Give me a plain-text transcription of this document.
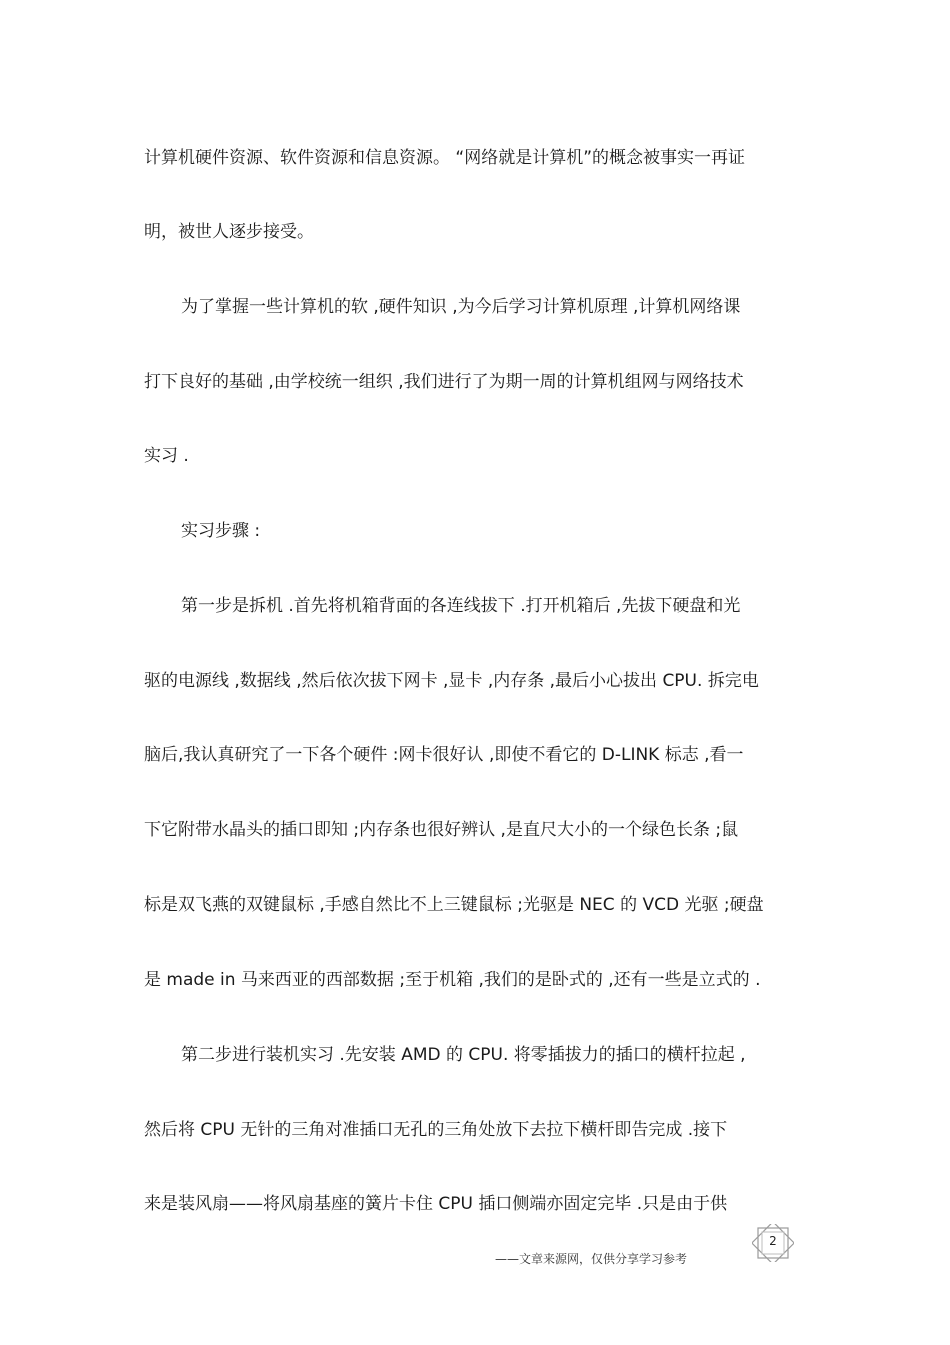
计算机硬件资源、软件资源和信息资源。 “网络就是计算机”的概念被事实一再证
明，被世人逐步接受。
为了掌握一些计算机的软 ,硬件知识 ,为今后学习计算机原理 ,计算机网络课
打下良好的基础 ,由学校统一组织 ,我们进行了为期一周的计算机组网与网络技术
实习 .
实习步骤 :
第一步是拆机 .首先将机箱背面的各连线拔下 .打开机箱后 ,先拔下硬盘和光
驱的电源线 ,数据线 ,然后依次拔下网卡 ,显卡 ,内存条 ,最后小心拔出 CPU. 拆完电
脑后,我认真研究了一下各个硬件 :网卡很好认 ,即使不看它的 D-LINK 标志 ,看一
下它附带水晶头的插口即知 ;内存条也很好辨认 ,是直尺大小的一个绿色长条 ;鼠
标是双飞燕的双键鼠标 ,手感自然比不上三键鼠标 ;光驱是 NEC 的 VCD 光驱 ;硬盘
是 made in 马来西亚的西部数据 ;至于机箱 ,我们的是卧式的 ,还有一些是立式的 .
第二步进行装机实习 .先安装 AMD 的 CPU. 将零插拔力的插口的横杆拉起 ,
然后将 CPU 无针的三角对准插口无孔的三角处放下去拉下横杆即告完成 .接下
来是装风扇——将风扇基座的簧片卡住 CPU 插口侧端亦固定完毕 .只是由于供
2
——文章来源网，仅供分享学习参考
